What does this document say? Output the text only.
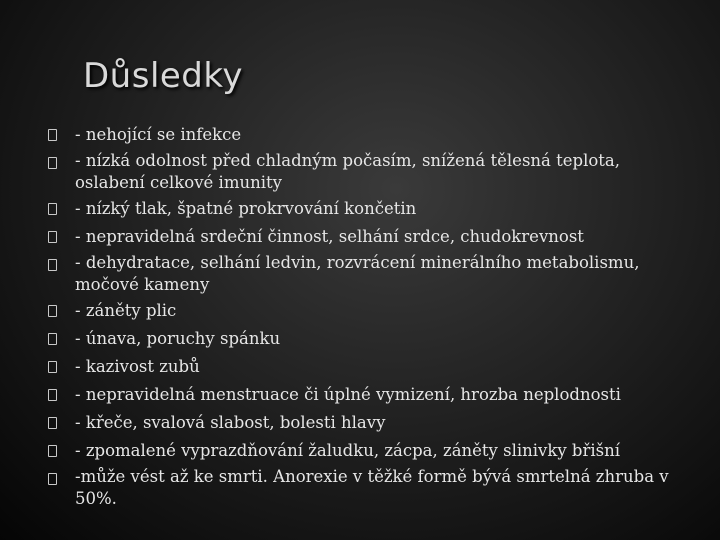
Důsledky
- nehojící se infekce
- nízká odolnost před chladným počasím, snížená tělesná teplota, oslabení celkové imunity
- nízký tlak, špatné prokrvování končetin
- nepravidelná srdeční činnost, selhání srdce, chudokrevnost
- dehydratace, selhání ledvin, rozvrácení minerálního metabolismu, močové kameny
- záněty plic
- únava, poruchy spánku
- kazivost zubů
- nepravidelná menstruace či úplné vymizení, hrozba neplodnosti
- křeče, svalová slabost, bolesti hlavy
- zpomalené vyprazdňování žaludku, zácpa, záněty slinivky břišní
-může vést až ke smrti. Anorexie v těžké formě bývá smrtelná zhruba v 50%.
